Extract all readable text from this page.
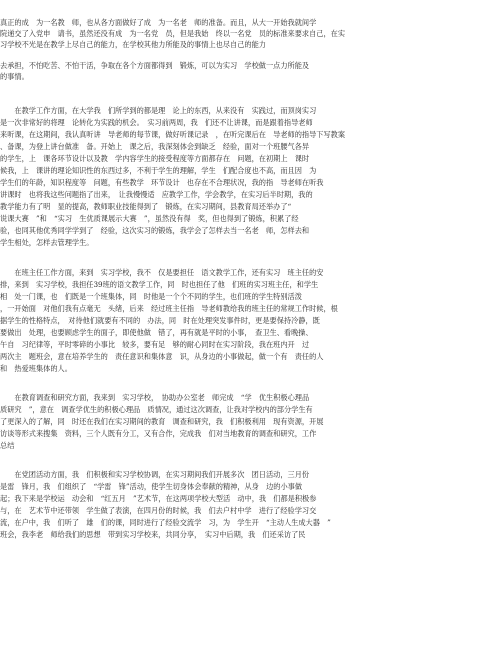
真正的成　为一名教　师，也从各方面做好了成　为一名老　师的准备。而且，从大一开始我就间学
院递交了入党申　请书，虽然还没有成　为一名党　员，但是我始　终以一名党　员的标准来要求自己，在实
习学校不光是在教学上尽自己的能力，在学校其他力所能及的事情上也尽自己的能力
去承担，不怕吃苦、不怕干活，争取在各个方面都得到　锻炼，可以为实习　学校做一点力所能及
的事情。
　　在教学工作方面，在大学我　们所学到的都是理　论上的东西，从来没有　实践过，而顶岗实习
是一次非常好的将理　论转化为实践的机会。　实习前两周，我　们还不让讲课，而是跟着指导老师
来听课，在这期间，我认真听讲　导老师的每节课，做好听课记录　，在听完课后在　导老师的指导下写教案
、备课，为登上讲台做准　备。开始上　课之后，我深刻体会到缺乏　经验，面对一个班腰气各异
的学生，上　课各环节设计以及教　学内容学生的接受程度等方面都存在　问题，在初期上　课时
候我，上　课讲的理论知识性的东西过多，不利于学生的理解，学生　们配合度也不高，而且因　为
学生们的年龄，知识程度等　问题，有些教学　环节设计　也存在不合理状况，我的指　导老师在听我
讲课时　也将我这些问题指了出来，　让我慢慢适　应教学工作，学会教学，在实习后半时期，我的
教学能力有了明　显的提高，教师职业技能得到了　锻炼，在实习期间，县教育局还举办了“
说课大赛　”和　“实习　生优质课展示大赛　”，虽然没有得　奖，但也得到了锻炼，积累了经
验，也同其他优秀同学学到了　经验，这次实习的锻炼，我学会了怎样去当一名老　师，怎样去和
学生相处，怎样去管理学生。
　　在班主任工作方面，来到　实习学校，我不　仅是要担任　语文教学工作，还有实习　班主任的安
排，来到　实习学校，我担任39班的语文教学工作，同　时也担任了他　们班的实习班主任，和学生
相　处一门课，也　们既是一个班集体，同　时他是一个个不同的学生，也们班的学生特别活泼
，一开始面　对他们我有点毫无　头绪，后来　经过班主任指　导老师教给我的班主任的常规工作时候，根
据学生的性格特点，　对待他们就要有不同的　办法，同　时在处理突发事件时，更是要保持冷静，既
要做出　处理，也要顾虑学生的面子，即使他做　错了，再有就是平时的小事，　查卫生、看晚操、
午自　习纪律等，平时零碎的小事比　较多，要有足　够的耐心同时在实习阶段，我在班内开　过
两次主　题班会，意在培养学生的　责任意识和集体意　识，从身边的小事做起，做一个有　责任的人
和　热爱班集体的人。
　　在教育调查和研究方面，我来到　实习学校，　协助办公室老　师完成　“学　优生积极心理品
质研究　”，意在　调查学优生的积极心理品　质情况，通过这次调查，让我对学校内的部分学生有
了更深入的了解，同　时还在我们在实习期间的教育　调查和研究，我　们积极利用　现有资源，开展
访谈等形式来搜集　资料，三个人既有分工，又有合作，完成我　们对当地教育的调查和研究，工作
总结
　　在党团活动方面，我　们积极和实习学校协调，在实习期间我们开展多次　团日活动，三月份
是雷　锋月，我　们组织了　“学雷　锋”活动，使学生切身体会奉献的精神，从身　边的小事做
起；我下来是学校运　动会和　“红五月　”艺术节，在这两项学校大型活　动中，我　们都是积极参
与，在　艺术节中还带领　学生做了表演，在四月份的时候，我　们去户村中学　进行了经验学习交
流，在户中，我　们听了　雄　们的课，同时进行了经验交流学　习，为　学生开　“主动人生成大器　”
班会，我李老　师给我们的思想　带到实习学校来，共同分享，　实习中后期，我　们还采访了民
